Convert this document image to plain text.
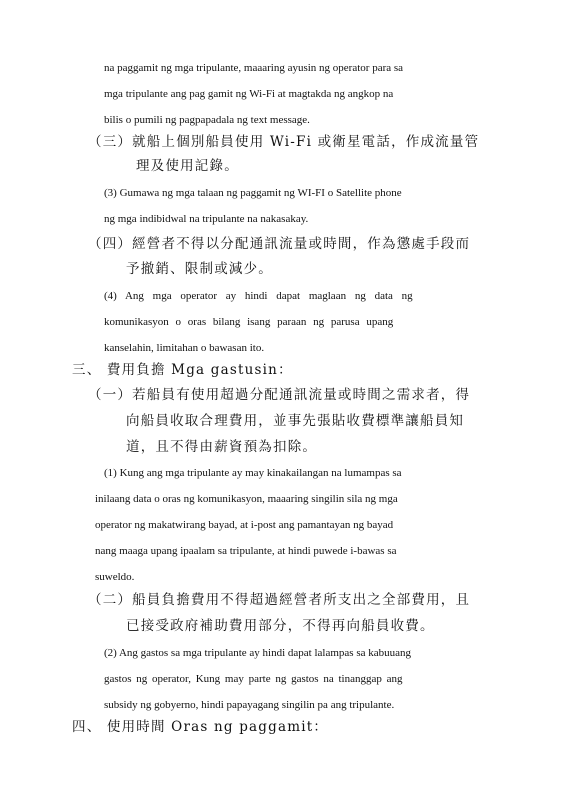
na paggamit ng mga tripulante, maaaring ayusin ng operator para sa
mga tripulante ang pag gamit ng Wi-Fi at magtakda ng angkop na
bilis o pumili ng pagpapadala ng text message.
（三）就船上個別船員使用 Wi-Fi 或衛星電話，作成流量管
理及使用記錄。
(3) Gumawa ng mga talaan ng paggamit ng WI-FI o Satellite phone
ng mga indibidwal na tripulante na nakasakay.
（四）經營者不得以分配通訊流量或時間，作為懲處手段而
予撤銷、限制或減少。
(4) Ang mga operator ay hindi dapat maglaan ng data ng
komunikasyon o oras bilang isang paraan ng parusa upang
kanselahin, limitahan o bawasan ito.
三、 費用負擔 Mga gastusin：
（一）若船員有使用超過分配通訊流量或時間之需求者，得
向船員收取合理費用，並事先張貼收費標準讓船員知
道，且不得由薪資預為扣除。
(1) Kung ang mga tripulante ay may kinakailangan na lumampas sa
inilaang data o oras ng komunikasyon, maaaring singilin sila ng mga
operator ng makatwirang bayad, at i-post ang pamantayan ng bayad
nang maaga upang ipaalam sa tripulante, at hindi puwede i-bawas sa
suweldo.
（二）船員負擔費用不得超過經營者所支出之全部費用，且
已接受政府補助費用部分，不得再向船員收費。
(2) Ang gastos sa mga tripulante ay hindi dapat lalampas sa kabuuang
gastos ng operator, Kung may parte ng gastos na tinanggap ang
subsidy ng gobyerno, hindi papayagang singilin pa ang tripulante.
四、 使用時間 Oras ng paggamit：
